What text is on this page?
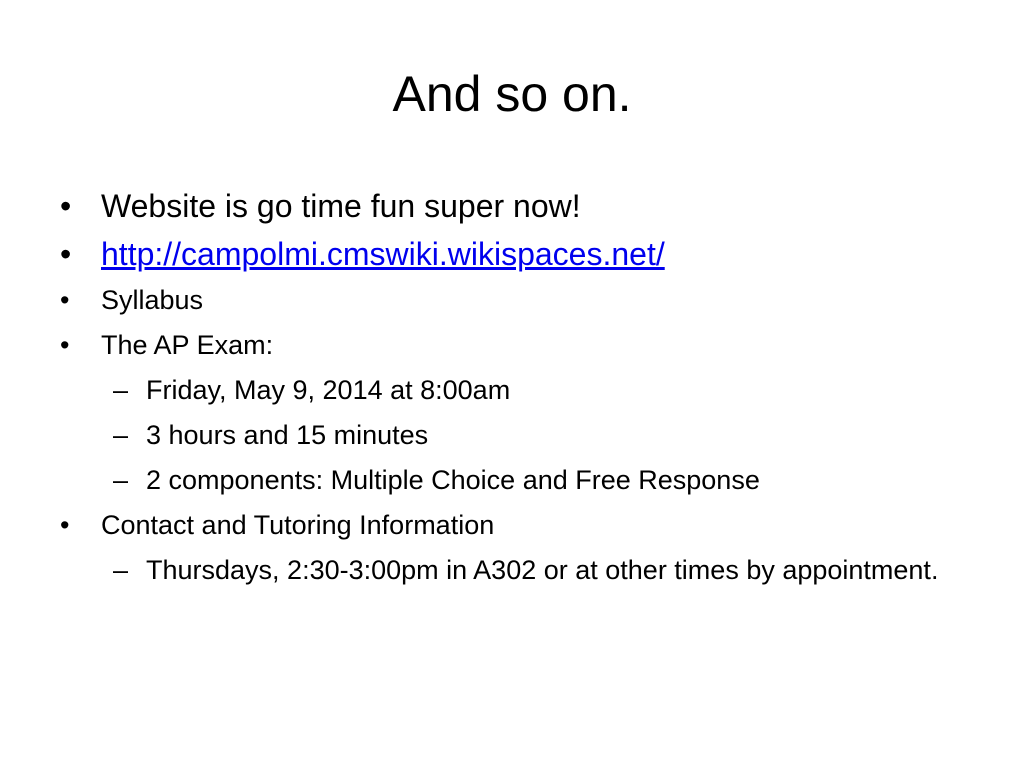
And so on.
• Website is go time fun super now!
• http://campolmi.cmswiki.wikispaces.net/
• Syllabus
• The AP Exam:
– Friday, May 9, 2014 at 8:00am
– 3 hours and 15 minutes
– 2 components: Multiple Choice and Free Response
• Contact and Tutoring Information
– Thursdays, 2:30-3:00pm in A302 or at other times by appointment.
